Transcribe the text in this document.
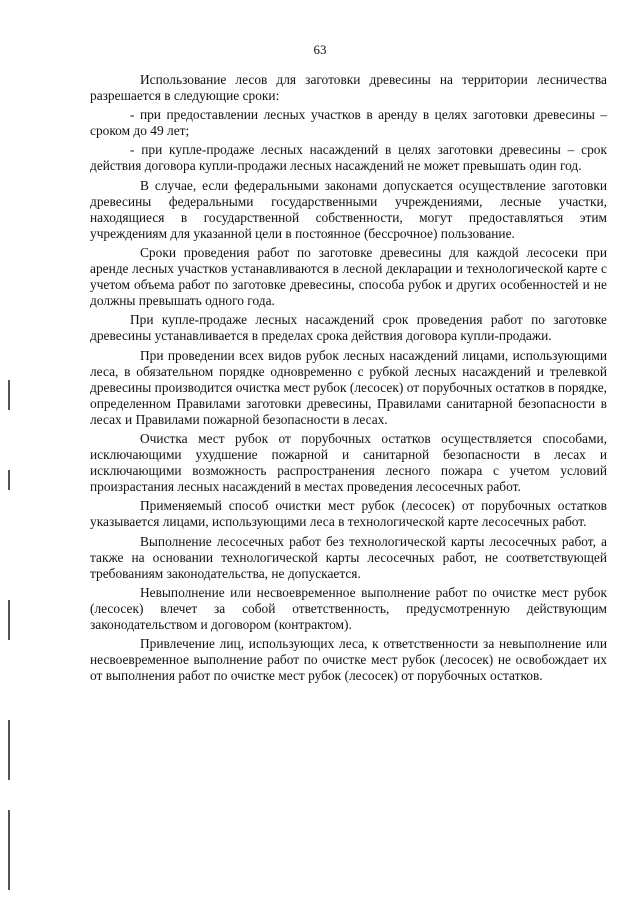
63

Использование лесов для заготовки древесины на территории лесничества разрешается в следующие сроки:

- при предоставлении лесных участков в аренду в целях заготовки древесины – сроком до 49 лет;

- при купле-продаже лесных насаждений в целях заготовки древесины – срок действия договора купли-продажи лесных насаждений не может превышать один год.

В случае, если федеральными законами допускается осуществление заготовки древесины федеральными государственными учреждениями, лесные участки, находящиеся в государственной собственности, могут предоставляться этим учреждениям для указанной цели в постоянное (бессрочное) пользование.

Сроки проведения работ по заготовке древесины для каждой лесосеки при аренде лесных участков устанавливаются в лесной декларации и технологической карте с учетом объема работ по заготовке древесины, способа рубок и других особенностей и не должны превышать одного года.

При купле-продаже лесных насаждений срок проведения работ по заготовке древесины устанавливается в пределах срока действия договора купли-продажи.

При проведении всех видов рубок лесных насаждений лицами, использующими леса, в обязательном порядке одновременно с рубкой лесных насаждений и трелевкой древесины производится очистка мест рубок (лесосек) от порубочных остатков в порядке, определенном Правилами заготовки древесины, Правилами санитарной безопасности в лесах и Правилами пожарной безопасности в лесах.

Очистка мест рубок от порубочных остатков осуществляется способами, исключающими ухудшение пожарной и санитарной безопасности в лесах и исключающими возможность распространения лесного пожара с учетом условий произрастания лесных насаждений в местах проведения лесосечных работ.

Применяемый способ очистки мест рубок (лесосек) от порубочных остатков указывается лицами, использующими леса в технологической карте лесосечных работ.

Выполнение лесосечных работ без технологической карты лесосечных работ, а также на основании технологической карты лесосечных работ, не соответствующей требованиям законодательства, не допускается.

Невыполнение или несвоевременное выполнение работ по очистке мест рубок (лесосек) влечет за собой ответственность, предусмотренную действующим законодательством и договором (контрактом).

Привлечение лиц, использующих леса, к ответственности за невыполнение или несвоевременное выполнение работ по очистке мест рубок (лесосек) не освобождает их от выполнения работ по очистке мест рубок (лесосек) от порубочных остатков.
